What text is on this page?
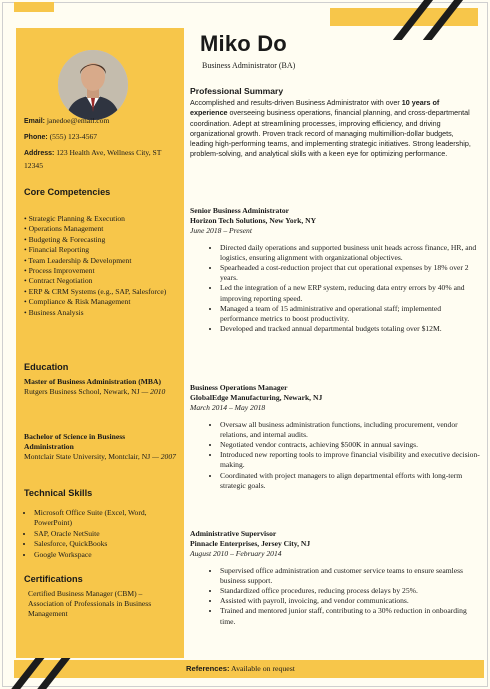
Email: janedoe@email.com
Phone: (555) 123-4567
Address: 123 Health Ave, Wellness City, ST 12345
Core Competencies
• Strategic Planning & Execution
• Operations Management
• Budgeting & Forecasting
• Financial Reporting
• Team Leadership & Development
• Process Improvement
• Contract Negotiation
• ERP & CRM Systems (e.g., SAP, Salesforce)
• Compliance & Risk Management
• Business Analysis
Education
Master of Business Administration (MBA)
Rutgers Business School, Newark, NJ — 2010
Bachelor of Science in Business Administration
Montclair State University, Montclair, NJ — 2007
Technical Skills
• Microsoft Office Suite (Excel, Word, PowerPoint)
• SAP, Oracle NetSuite
• Salesforce, QuickBooks
• Google Workspace
Certifications
Certified Business Manager (CBM) – Association of Professionals in Business Management
Miko Do
Business Administrator (BA)
Professional Summary
Accomplished and results-driven Business Administrator with over 10 years of experience overseeing business operations, financial planning, and cross-departmental coordination. Adept at streamlining processes, improving efficiency, and driving organizational growth. Proven track record of managing multimillion-dollar budgets, leading high-performing teams, and implementing strategic initiatives. Strong leadership, problem-solving, and analytical skills with a keen eye for optimizing performance.
Senior Business Administrator
Horizon Tech Solutions, New York, NY
June 2018 – Present
• Directed daily operations and supported business unit heads across finance, HR, and logistics, ensuring alignment with organizational objectives.
• Spearheaded a cost-reduction project that cut operational expenses by 18% over 2 years.
• Led the integration of a new ERP system, reducing data entry errors by 40% and improving reporting speed.
• Managed a team of 15 administrative and operational staff; implemented performance metrics to boost productivity.
• Developed and tracked annual departmental budgets totaling over $12M.
Business Operations Manager
GlobalEdge Manufacturing, Newark, NJ
March 2014 – May 2018
• Oversaw all business administration functions, including procurement, vendor relations, and internal audits.
• Negotiated vendor contracts, achieving $500K in annual savings.
• Introduced new reporting tools to improve financial visibility and executive decision-making.
• Coordinated with project managers to align departmental efforts with long-term strategic goals.
Administrative Supervisor
Pinnacle Enterprises, Jersey City, NJ
August 2010 – February 2014
• Supervised office administration and customer service teams to ensure seamless business support.
• Standardized office procedures, reducing process delays by 25%.
• Assisted with payroll, invoicing, and vendor communications.
• Trained and mentored junior staff, contributing to a 30% reduction in onboarding time.
References: Available on request
